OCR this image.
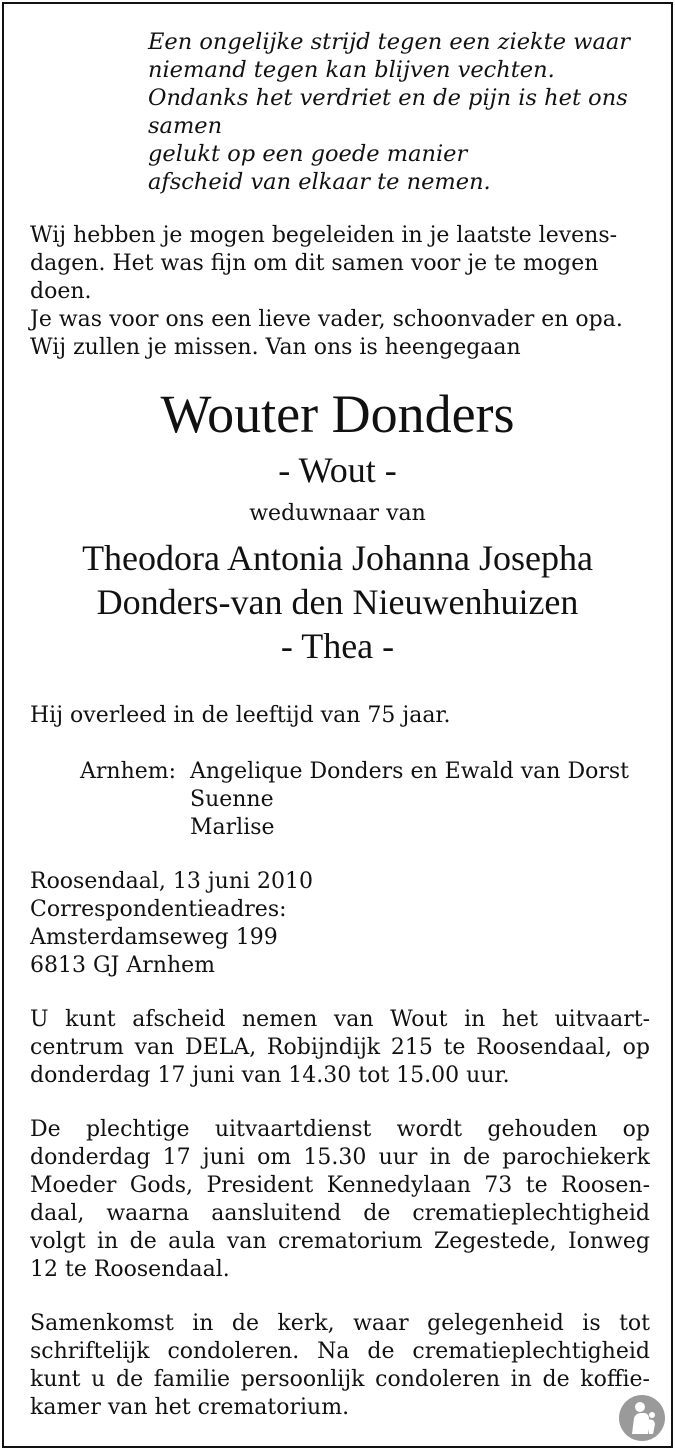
Een ongelijke strijd tegen een ziekte waar
niemand tegen kan blijven vechten.
Ondanks het verdriet en de pijn is het ons
samen
gelukt op een goede manier
afscheid van elkaar te nemen.
Wij hebben je mogen begeleiden in je laatste levens-
dagen. Het was fijn om dit samen voor je te mogen
doen.
Je was voor ons een lieve vader, schoonvader en opa.
Wij zullen je missen. Van ons is heengegaan
Wouter Donders
- Wout -
weduwnaar van
Theodora Antonia Johanna Josepha
Donders-van den Nieuwenhuizen
- Thea -
Hij overleed in de leeftijd van 75 jaar.
Arnhem: Angelique Donders en Ewald van Dorst
Suenne
Marlise
Roosendaal, 13 juni 2010
Correspondentieadres:
Amsterdamseweg 199
6813 GJ Arnhem
U kunt afscheid nemen van Wout in het uitvaart-
centrum van DELA, Robijndijk 215 te Roosendaal, op
donderdag 17 juni van 14.30 tot 15.00 uur.
De plechtige uitvaartdienst wordt gehouden op
donderdag 17 juni om 15.30 uur in de parochiekerk
Moeder Gods, President Kennedylaan 73 te Roosen-
daal, waarna aansluitend de crematieplechtigheid
volgt in de aula van crematorium Zegestede, Ionweg
12 te Roosendaal.
Samenkomst in de kerk, waar gelegenheid is tot
schriftelijk condoleren. Na de crematieplechtigheid
kunt u de familie persoonlijk condoleren in de koffie-
kamer van het crematorium.
